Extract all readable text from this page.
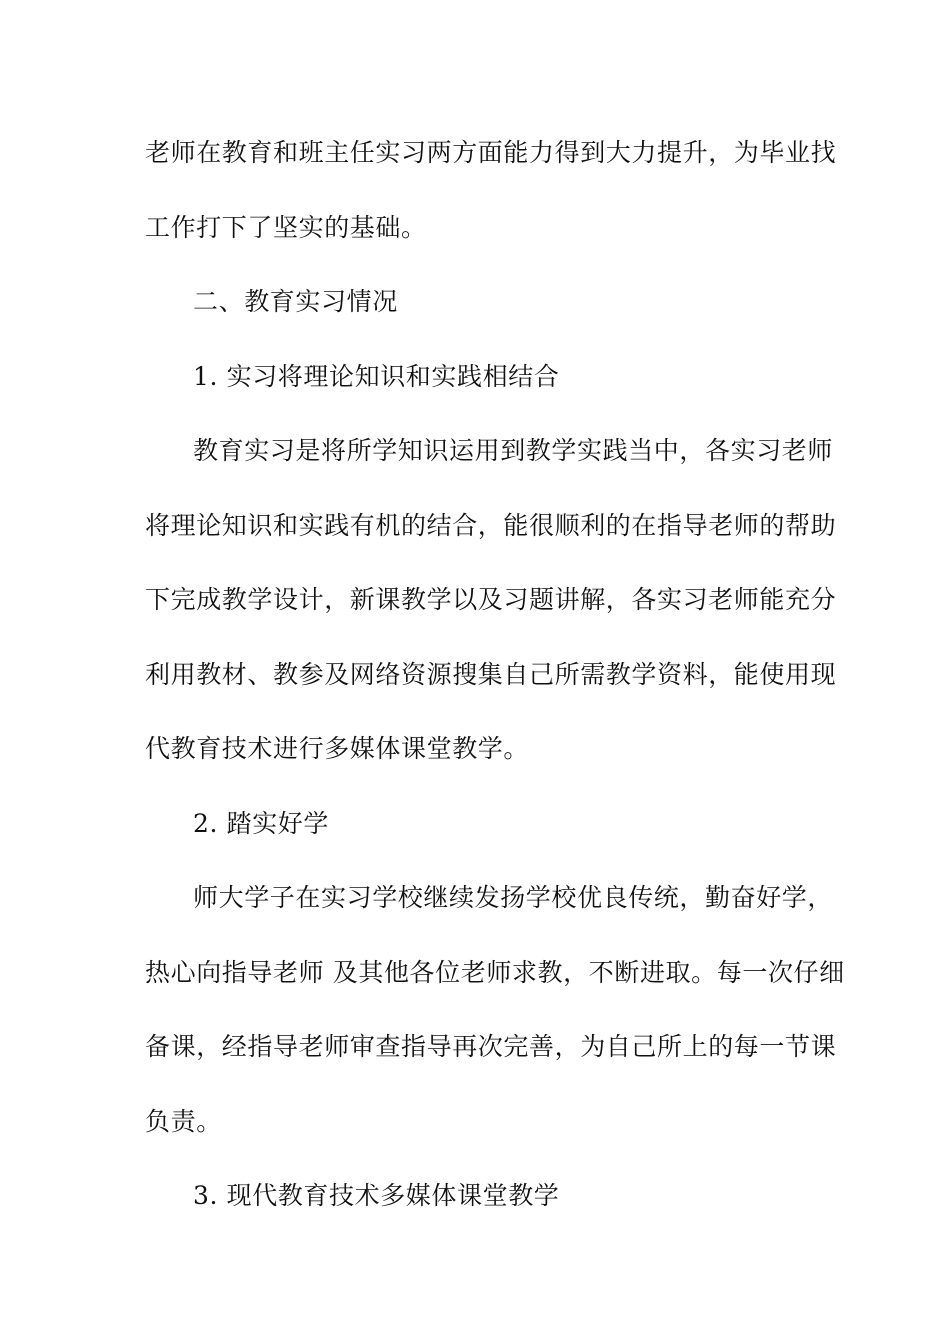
老师在教育和班主任实习两方面能力得到大力提升，为毕业找
工作打下了坚实的基础。
二、教育实习情况
1. 实习将理论知识和实践相结合
教育实习是将所学知识运用到教学实践当中，各实习老师
将理论知识和实践有机的结合，能很顺利的在指导老师的帮助
下完成教学设计，新课教学以及习题讲解，各实习老师能充分
利用教材、教参及网络资源搜集自己所需教学资料，能使用现
代教育技术进行多媒体课堂教学。
2. 踏实好学
师大学子在实习学校继续发扬学校优良传统，勤奋好学，
热心向指导老师 及其他各位老师求教，不断进取。每一次仔细
备课，经指导老师审查指导再次完善，为自己所上的每一节课
负责。
3. 现代教育技术多媒体课堂教学
